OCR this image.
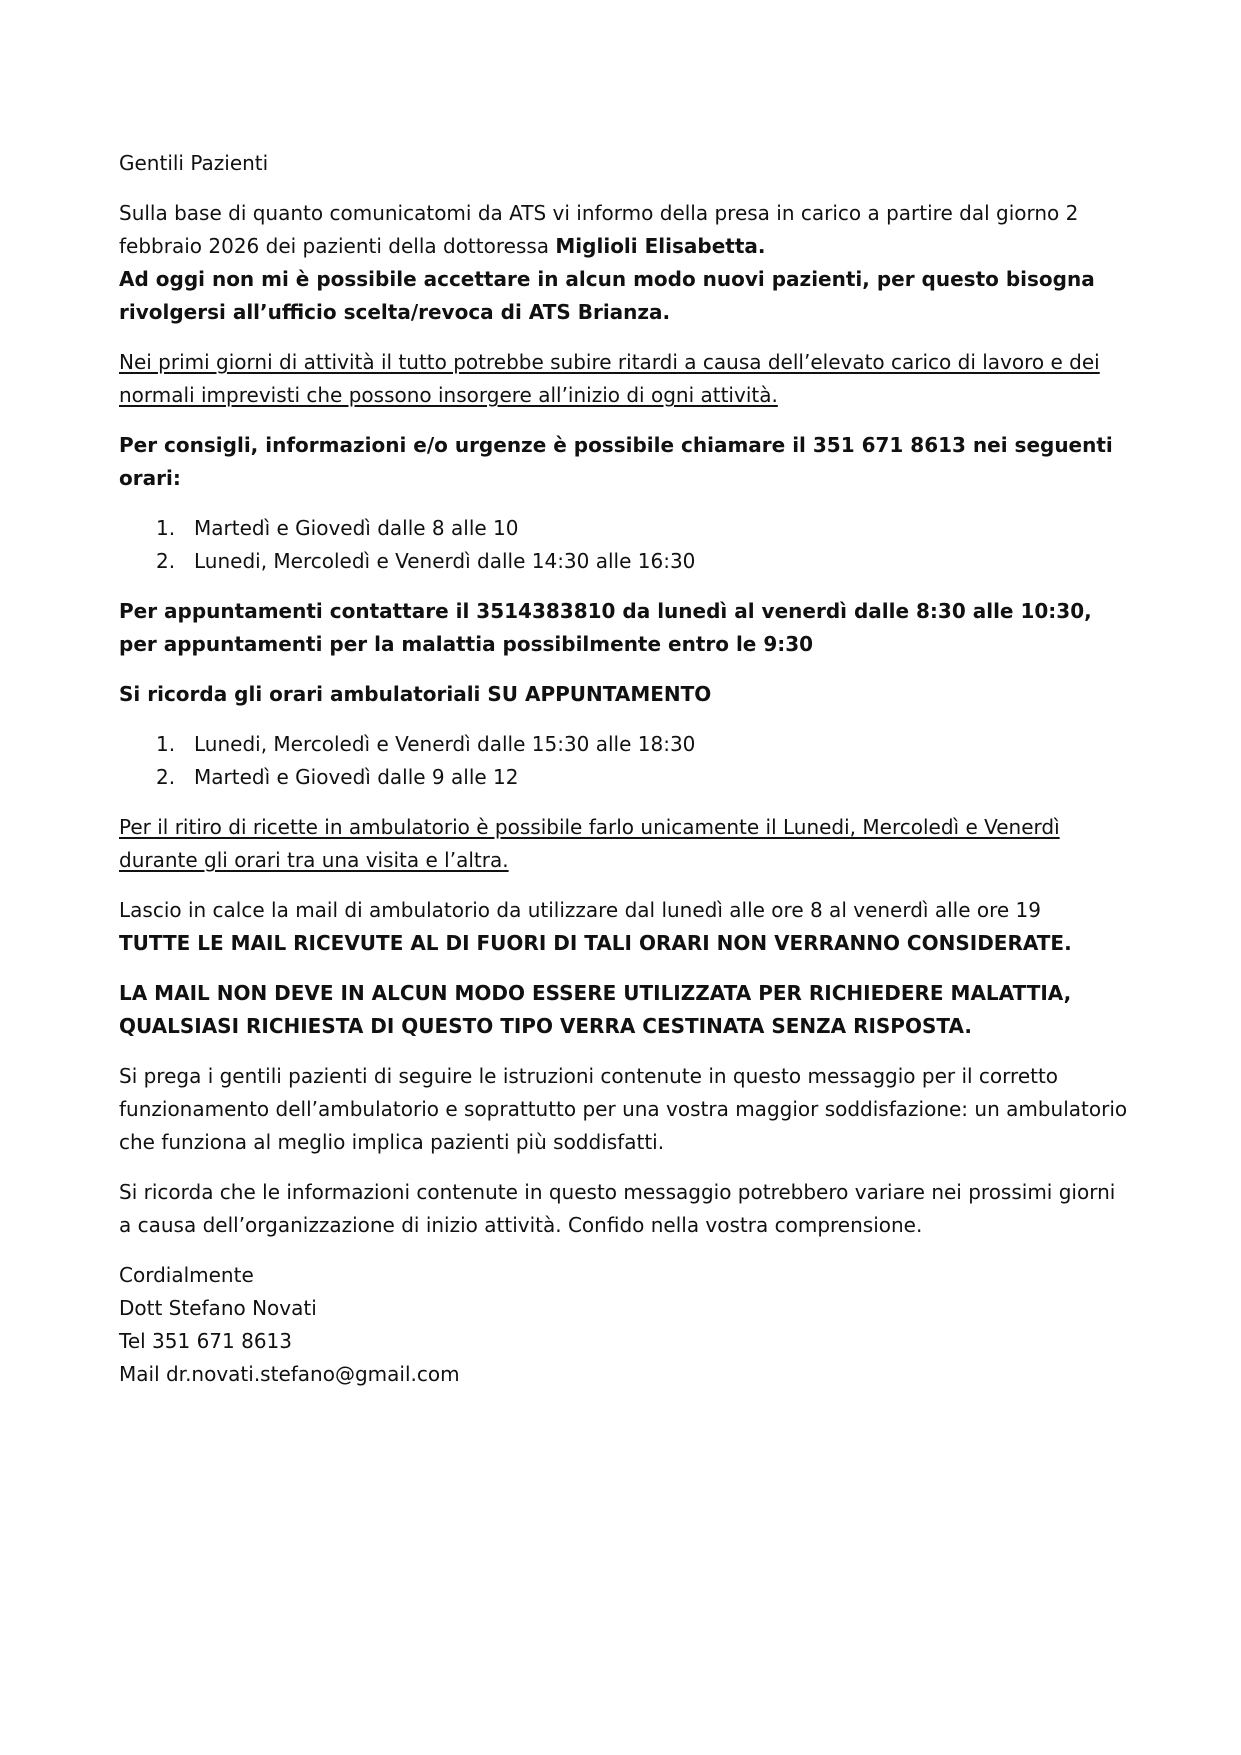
Gentili Pazienti

Sulla base di quanto comunicatomi da ATS vi informo della presa in carico a partire dal giorno 2 febbraio 2026 dei pazienti della dottoressa Miglioli Elisabetta.
Ad oggi non mi è possibile accettare in alcun modo nuovi pazienti, per questo bisogna rivolgersi all’ufficio scelta/revoca di ATS Brianza.

Nei primi giorni di attività il tutto potrebbe subire ritardi a causa dell’elevato carico di lavoro e dei normali imprevisti che possono insorgere all’inizio di ogni attività.

Per consigli, informazioni e/o urgenze è possibile chiamare il 351 671 8613 nei seguenti orari:

1. Martedì e Giovedì dalle 8 alle 10
2. Lunedi, Mercoledì e Venerdì dalle 14:30 alle 16:30

Per appuntamenti contattare il 3514383810 da lunedì al venerdì dalle 8:30 alle 10:30, per appuntamenti per la malattia possibilmente entro le 9:30

Si ricorda gli orari ambulatoriali SU APPUNTAMENTO

1. Lunedi, Mercoledì e Venerdì dalle 15:30 alle 18:30
2. Martedì e Giovedì dalle 9 alle 12

Per il ritiro di ricette in ambulatorio è possibile farlo unicamente il Lunedi, Mercoledì e Venerdì durante gli orari tra una visita e l’altra.

Lascio in calce la mail di ambulatorio da utilizzare dal lunedì alle ore 8 al venerdì alle ore 19
TUTTE LE MAIL RICEVUTE AL DI FUORI DI TALI ORARI NON VERRANNO CONSIDERATE.

LA MAIL NON DEVE IN ALCUN MODO ESSERE UTILIZZATA PER RICHIEDERE MALATTIA, QUALSIASI RICHIESTA DI QUESTO TIPO VERRA CESTINATA SENZA RISPOSTA.

Si prega i gentili pazienti di seguire le istruzioni contenute in questo messaggio per il corretto funzionamento dell’ambulatorio e soprattutto per una vostra maggior soddisfazione: un ambulatorio che funziona al meglio implica pazienti più soddisfatti.

Si ricorda che le informazioni contenute in questo messaggio potrebbero variare nei prossimi giorni a causa dell’organizzazione di inizio attività. Confido nella vostra comprensione.

Cordialmente

Dott Stefano Novati

Tel 351 671 8613

Mail dr.novati.stefano@gmail.com
